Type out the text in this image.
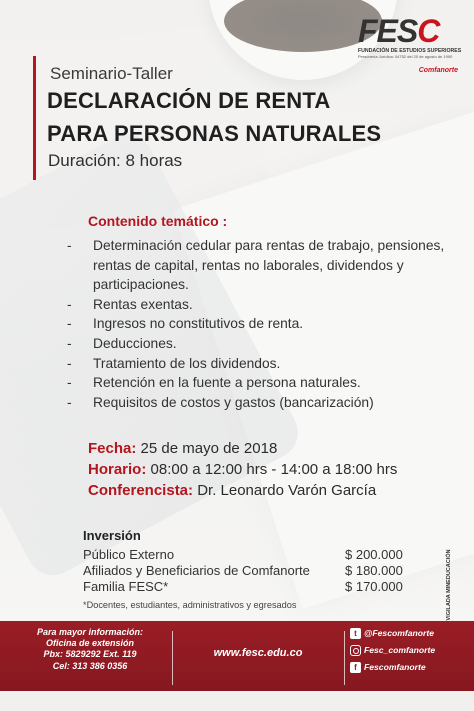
FESC
FUNDACIÓN DE ESTUDIOS SUPERIORES
Personería Jurídica: 04752 del 20 de agosto de 1990
Comfanorte
Seminario-Taller
DECLARACIÓN DE RENTA
PARA PERSONAS NATURALES
Duración: 8 horas
Contenido temático :
- Determinación cedular para rentas de trabajo, pensiones, rentas de capital, rentas no laborales, dividendos y participaciones.
- Rentas exentas.
- Ingresos no constitutivos de renta.
- Deducciones.
- Tratamiento de los dividendos.
- Retención en la fuente a persona naturales.
- Requisitos de costos y gastos (bancarización)
Fecha: 25 de mayo de 2018
Horario: 08:00 a 12:00 hrs - 14:00 a 18:00 hrs
Conferencista: Dr. Leonardo Varón García
Inversión
Público Externo	$ 200.000
Afiliados y Beneficiarios de Comfanorte	$ 180.000
Familia FESC*	$ 170.000
*Docentes, estudiantes, administrativos y egresados	VIGILADA MINEDUCACIÓN
Para mayor información:
Oficina de extensión
Pbx: 5829292 Ext. 119
Cel: 313 386 0356
www.fesc.edu.co
t @Fescomfanorte
Fesc_comfanorte
f Fescomfanorte
